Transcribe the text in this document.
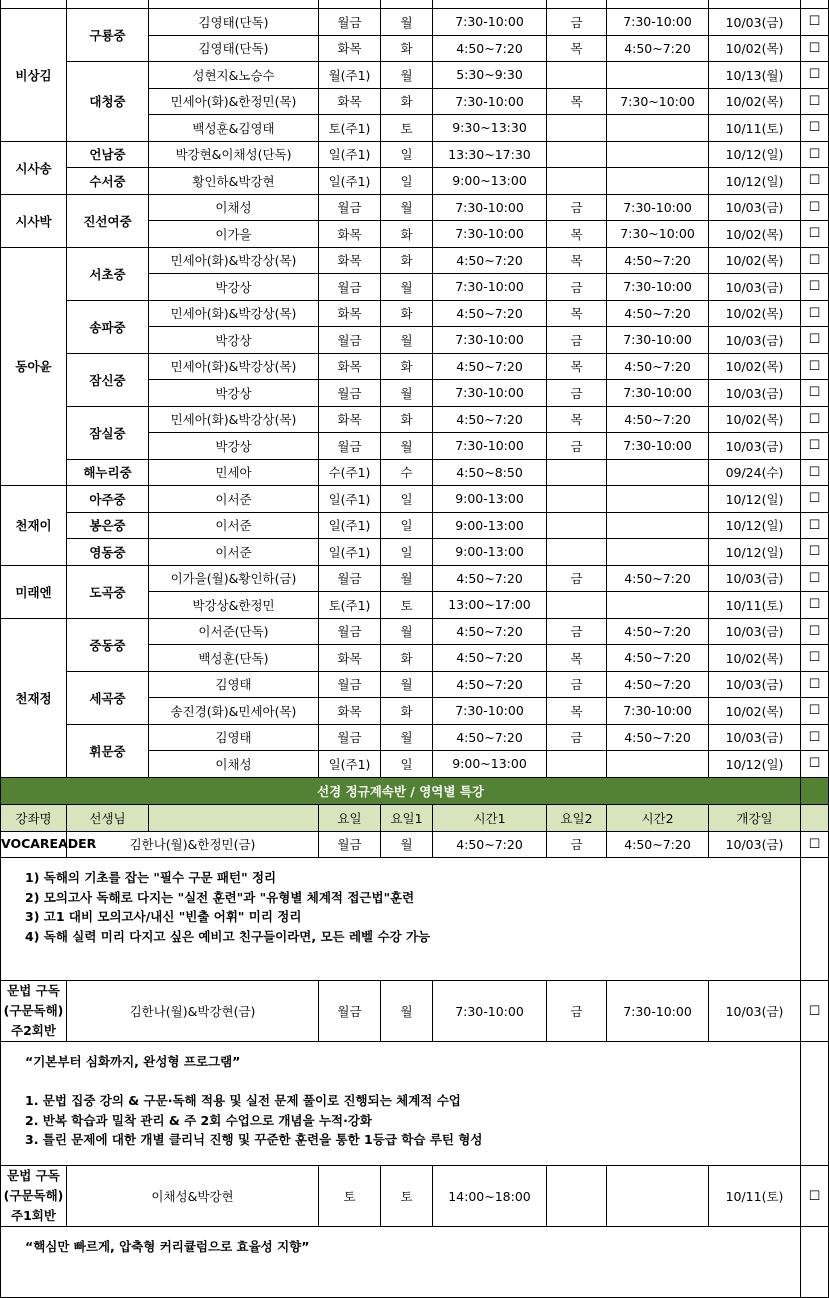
비상김	구룡중	김영태(단독)	월금	월	7:30-10:00	금	7:30-10:00	10/03(금)	☐
		김영태(단독)	화목	화	4:50~7:20	목	4:50~7:20	10/02(목)	☐
	대청중	성현지&노승수	월(주1)	월	5:30~9:30			10/13(월)	☐
		민세아(화)&한정민(목)	화목	화	7:30-10:00	목	7:30~10:00	10/02(목)	☐
		백성훈&김영태	토(주1)	토	9:30~13:30			10/11(토)	☐
시사송	언남중	박강현&이채성(단독)	일(주1)	일	13:30~17:30			10/12(일)	☐
	수서중	황인하&박강현	일(주1)	일	9:00~13:00			10/12(일)	☐
시사박	진선여중	이채성	월금	월	7:30-10:00	금	7:30-10:00	10/03(금)	☐
		이가을	화목	화	7:30-10:00	목	7:30~10:00	10/02(목)	☐
동아윤	서초중	민세아(화)&박강상(목)	화목	화	4:50~7:20	목	4:50~7:20	10/02(목)	☐
		박강상	월금	월	7:30-10:00	금	7:30-10:00	10/03(금)	☐
	송파중	민세아(화)&박강상(목)	화목	화	4:50~7:20	목	4:50~7:20	10/02(목)	☐
		박강상	월금	월	7:30-10:00	금	7:30-10:00	10/03(금)	☐
	잠신중	민세아(화)&박강상(목)	화목	화	4:50~7:20	목	4:50~7:20	10/02(목)	☐
		박강상	월금	월	7:30-10:00	금	7:30-10:00	10/03(금)	☐
	잠실중	민세아(화)&박강상(목)	화목	화	4:50~7:20	목	4:50~7:20	10/02(목)	☐
		박강상	월금	월	7:30-10:00	금	7:30-10:00	10/03(금)	☐
	해누리중	민세아	수(주1)	수	4:50~8:50			09/24(수)	☐
천재이	아주중	이서준	일(주1)	일	9:00-13:00			10/12(일)	☐
	봉은중	이서준	일(주1)	일	9:00-13:00			10/12(일)	☐
	영동중	이서준	일(주1)	일	9:00-13:00			10/12(일)	☐
미래엔	도곡중	이가을(월)&황인하(금)	월금	월	4:50~7:20	금	4:50~7:20	10/03(금)	☐
		박강상&한정민	토(주1)	토	13:00~17:00			10/11(토)	☐
천재정	중동중	이서준(단독)	월금	월	4:50~7:20	금	4:50~7:20	10/03(금)	☐
		백성훈(단독)	화목	화	4:50~7:20	목	4:50~7:20	10/02(목)	☐
	세곡중	김영태	월금	월	4:50~7:20	금	4:50~7:20	10/03(금)	☐
		송진경(화)&민세아(목)	화목	화	7:30-10:00	목	7:30-10:00	10/02(목)	☐
	휘문중	김영태	월금	월	4:50~7:20	금	4:50~7:20	10/03(금)	☐
		이채성	일(주1)	일	9:00~13:00			10/12(일)	☐
선경 정규계속반 / 영역별 특강									
강좌명	선생님		요일	요일1	시간1	요일2	시간2	개강일	
VOCAREADER	김한나(월)&한정민(금)		월금	월	4:50~7:20	금	4:50~7:20	10/03(금)	☐

1) 독해의 기초를 잡는 "필수 구문 패턴" 정리
2) 모의고사 독해로 다지는 "실전 훈련"과 "유형별 체계적 접근법"훈련
3) 고1 대비 모의고사/내신 "빈출 어휘" 미리 정리
4) 독해 실력 미리 다지고 싶은 예비고 친구들이라면, 모든 레벨 수강 가능									

문법 구독(구문독해)
주2회반	김한나(월)&박강현(금)		월금	월	7:30-10:00	금	7:30-10:00	10/03(금)	☐

“기본부터 심화까지, 완성형 프로그램”
1. 문법 집중 강의 & 구문·독해 적용 및 실전 문제 풀이로 진행되는 체계적 수업
2. 반복 학습과 밀착 관리 & 주 2회 수업으로 개념을 누적·강화
3. 틀린 문제에 대한 개별 클리닉 진행 및 꾸준한 훈련을 통한 1등급 학습 루틴 형성									

문법 구독(구문독해)
주1회반	이채성&박강현		토	토	14:00~18:00			10/11(토)	☐

“핵심만 빠르게, 압축형 커리큘럼으로 효율성 지향”									
